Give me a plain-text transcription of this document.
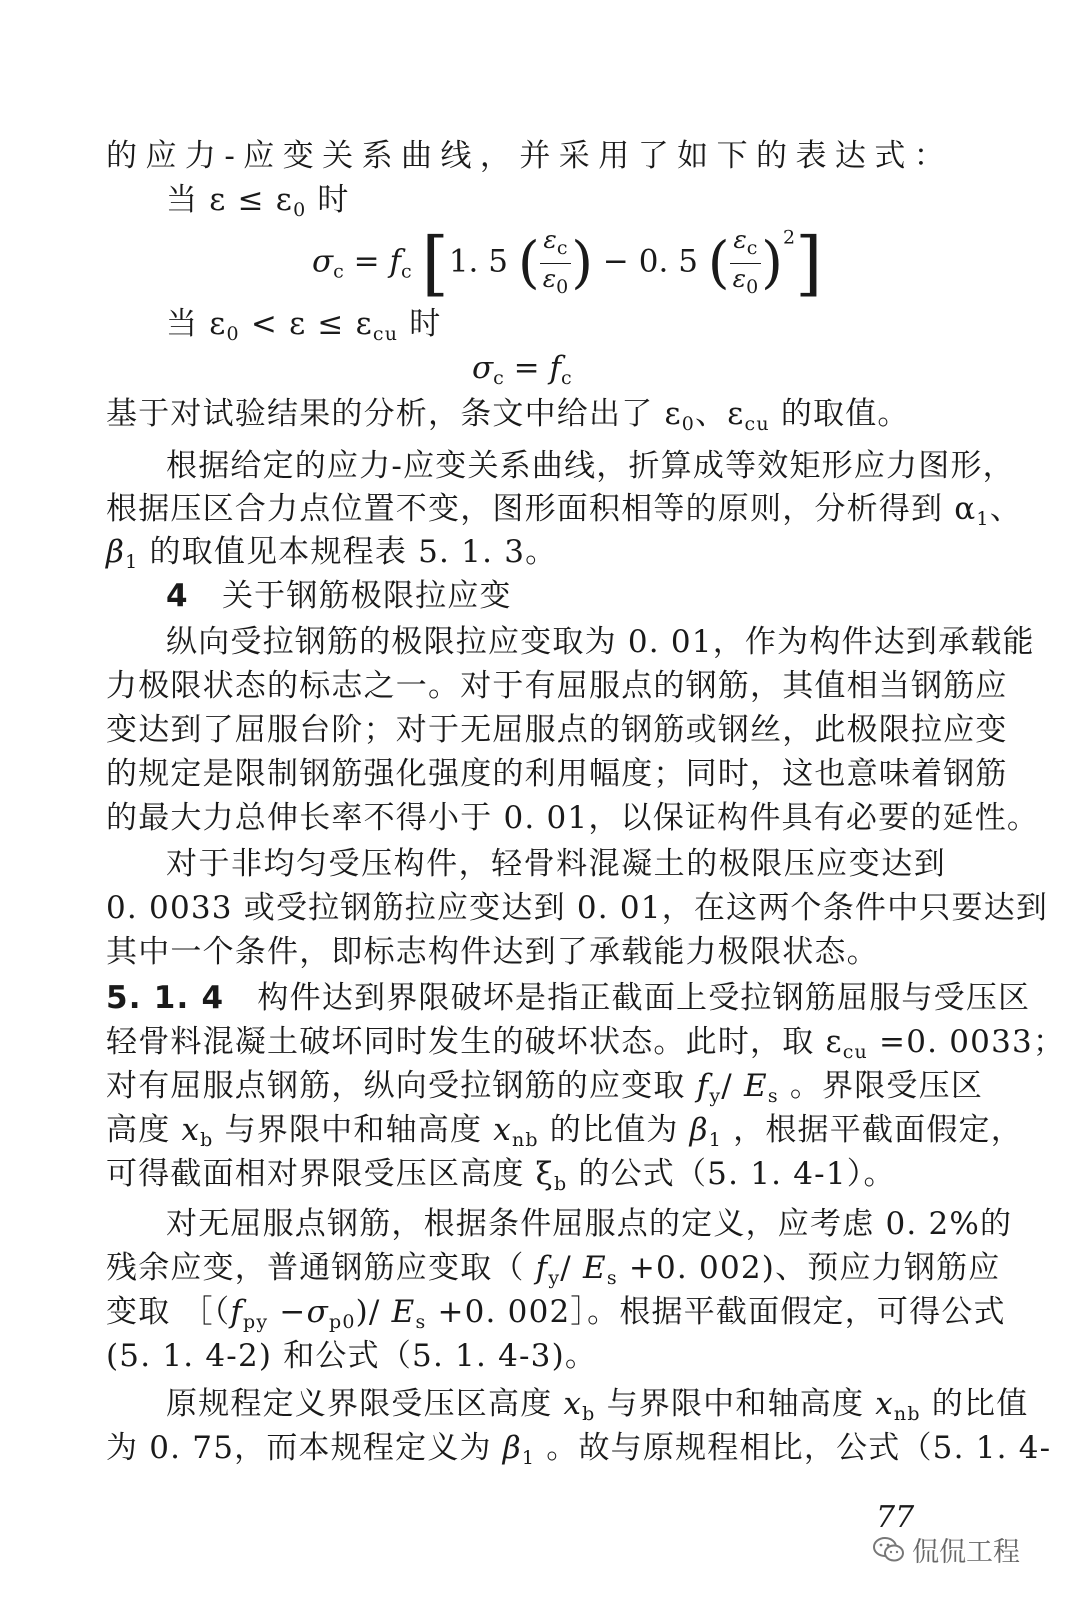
的应力-应变关系曲线，并采用了如下的表达式：
当 $\varepsilon \le \varepsilon_0$ 时
$\sigma_c = f_c$ [1. 5 ( $\frac{\varepsilon_c}{\varepsilon_0}$ ) − 0. 5 ( $\frac{\varepsilon_c}{\varepsilon_0} )^2$]
当 $\varepsilon_0 < \varepsilon \le \varepsilon_{cu}$ 时
$\sigma_c = f_c$
基于对试验结果的分析，条文中给出了 $\varepsilon_0$、$\varepsilon_{cu}$ 的取值。
根据给定的应力-应变关系曲线，折算成等效矩形应力图形，
根据压区合力点位置不变，图形面积相等的原则，分析得到 $\alpha_1$、
$\beta_1$ 的取值见本规程表 5. 1. 3。
4 关于钢筋极限拉应变
纵向受拉钢筋的极限拉应变取为 0. 01，作为构件达到承载能
力极限状态的标志之一。对于有屈服点的钢筋，其值相当钢筋应
变达到了屈服台阶；对于无屈服点的钢筋或钢丝，此极限拉应变
的规定是限制钢筋强化强度的利用幅度；同时，这也意味着钢筋
的最大力总伸长率不得小于 0. 01，以保证构件具有必要的延性。
对于非均匀受压构件，轻骨料混凝土的极限压应变达到
0. 0033 或受拉钢筋拉应变达到 0. 01，在这两个条件中只要达到
其中一个条件，即标志构件达到了承载能力极限状态。
5. 1. 4 构件达到界限破坏是指正截面上受拉钢筋屈服与受压区
轻骨料混凝土破坏同时发生的破坏状态。此时，取 $\varepsilon_{cu} =0$. 0033；
对有屈服点钢筋，纵向受拉钢筋的应变取 $f_y/$ $E_s$ 。界限受压区
高度 $x_b$ 与界限中和轴高度 $x_{nb}$ 的比值为 $\beta_1$ ，根据平截面假定，
可得截面相对界限受压区高度 $\xi_b$ 的公式（5. 1. 4-1）。
对无屈服点钢筋，根据条件屈服点的定义，应考虑 0. 2%的
残余应变，普通钢筋应变取（ $f_y/$ $E_s +0$. 002)、预应力钢筋应
变取 $[(f_{py} -\sigma_{p0})/$ $E_s +0$. 002］。根据平截面假定，可得公式
(5. 1. 4-2) 和公式（5. 1. 4-3)。
原规程定义界限受压区高度 $x_b$ 与界限中和轴高度 $x_{nb}$ 的比值
为 0. 75，而本规程定义为 $\beta_1$ 。故与原规程相比，公式（5. 1. 4-
77
侃侃工程
